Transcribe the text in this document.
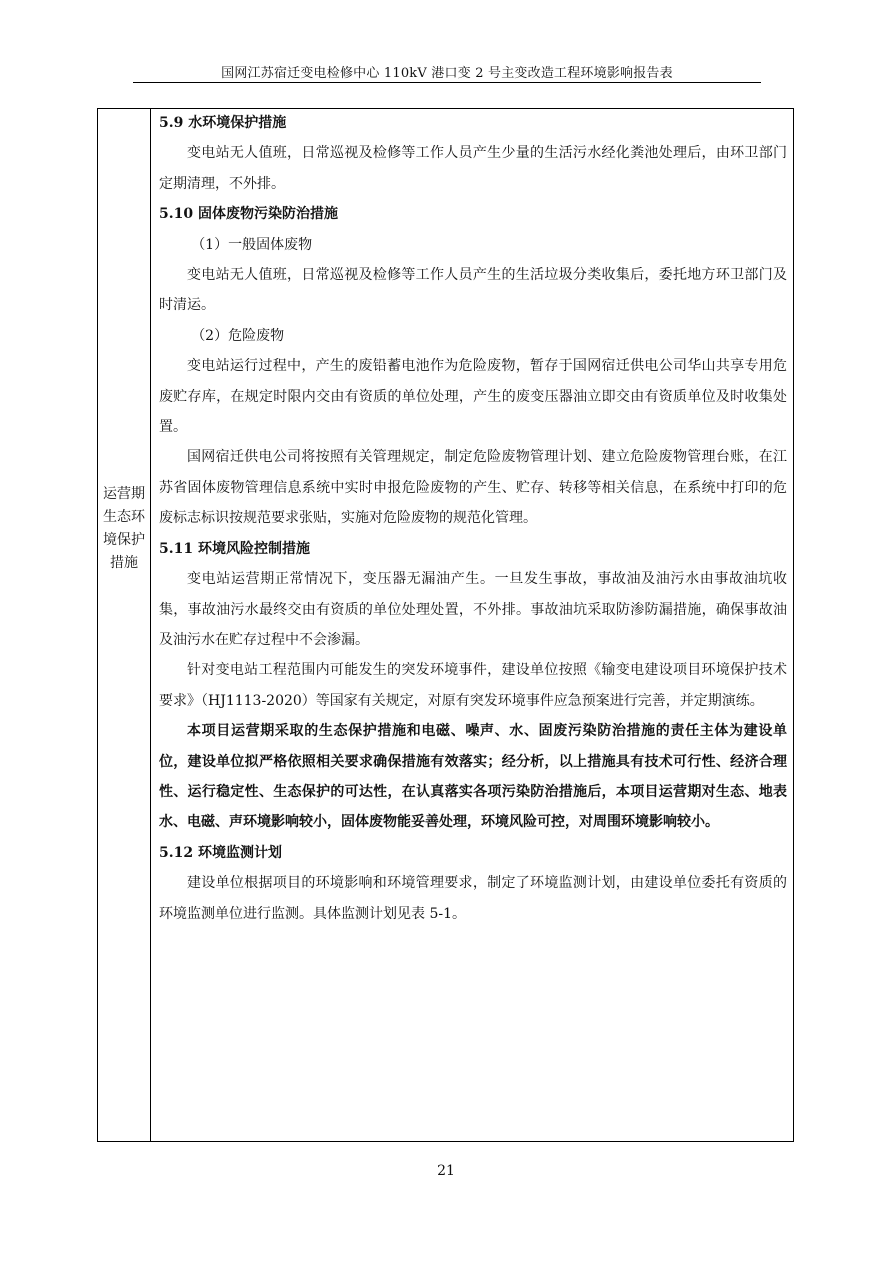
国网江苏宿迁变电检修中心 110kV 港口变 2 号主变改造工程环境影响报告表
运营期生态环境保护措施

5.9 水环境保护措施

变电站无人值班，日常巡视及检修等工作人员产生少量的生活污水经化粪池处理后，由环卫部门定期清理，不外排。

5.10 固体废物污染防治措施

（1）一般固体废物

变电站无人值班，日常巡视及检修等工作人员产生的生活垃圾分类收集后，委托地方环卫部门及时清运。

（2）危险废物

变电站运行过程中，产生的废铅蓄电池作为危险废物，暂存于国网宿迁供电公司华山共享专用危废贮存库，在规定时限内交由有资质的单位处理，产生的废变压器油立即交由有资质单位及时收集处置。

国网宿迁供电公司将按照有关管理规定，制定危险废物管理计划、建立危险废物管理台账，在江苏省固体废物管理信息系统中实时申报危险废物的产生、贮存、转移等相关信息，在系统中打印的危废标志标识按规范要求张贴，实施对危险废物的规范化管理。

5.11 环境风险控制措施

变电站运营期正常情况下，变压器无漏油产生。一旦发生事故，事故油及油污水由事故油坑收集，事故油污水最终交由有资质的单位处理处置，不外排。事故油坑采取防渗防漏措施，确保事故油及油污水在贮存过程中不会渗漏。

针对变电站工程范围内可能发生的突发环境事件，建设单位按照《输变电建设项目环境保护技术要求》（HJ1113-2020）等国家有关规定，对原有突发环境事件应急预案进行完善，并定期演练。

本项目运营期采取的生态保护措施和电磁、噪声、水、固废污染防治措施的责任主体为建设单位，建设单位拟严格依照相关要求确保措施有效落实；经分析，以上措施具有技术可行性、经济合理性、运行稳定性、生态保护的可达性，在认真落实各项污染防治措施后，本项目运营期对生态、地表水、电磁、声环境影响较小，固体废物能妥善处理，环境风险可控，对周围环境影响较小。

5.12 环境监测计划

建设单位根据项目的环境影响和环境管理要求，制定了环境监测计划，由建设单位委托有资质的环境监测单位进行监测。具体监测计划见表 5-1。

21
